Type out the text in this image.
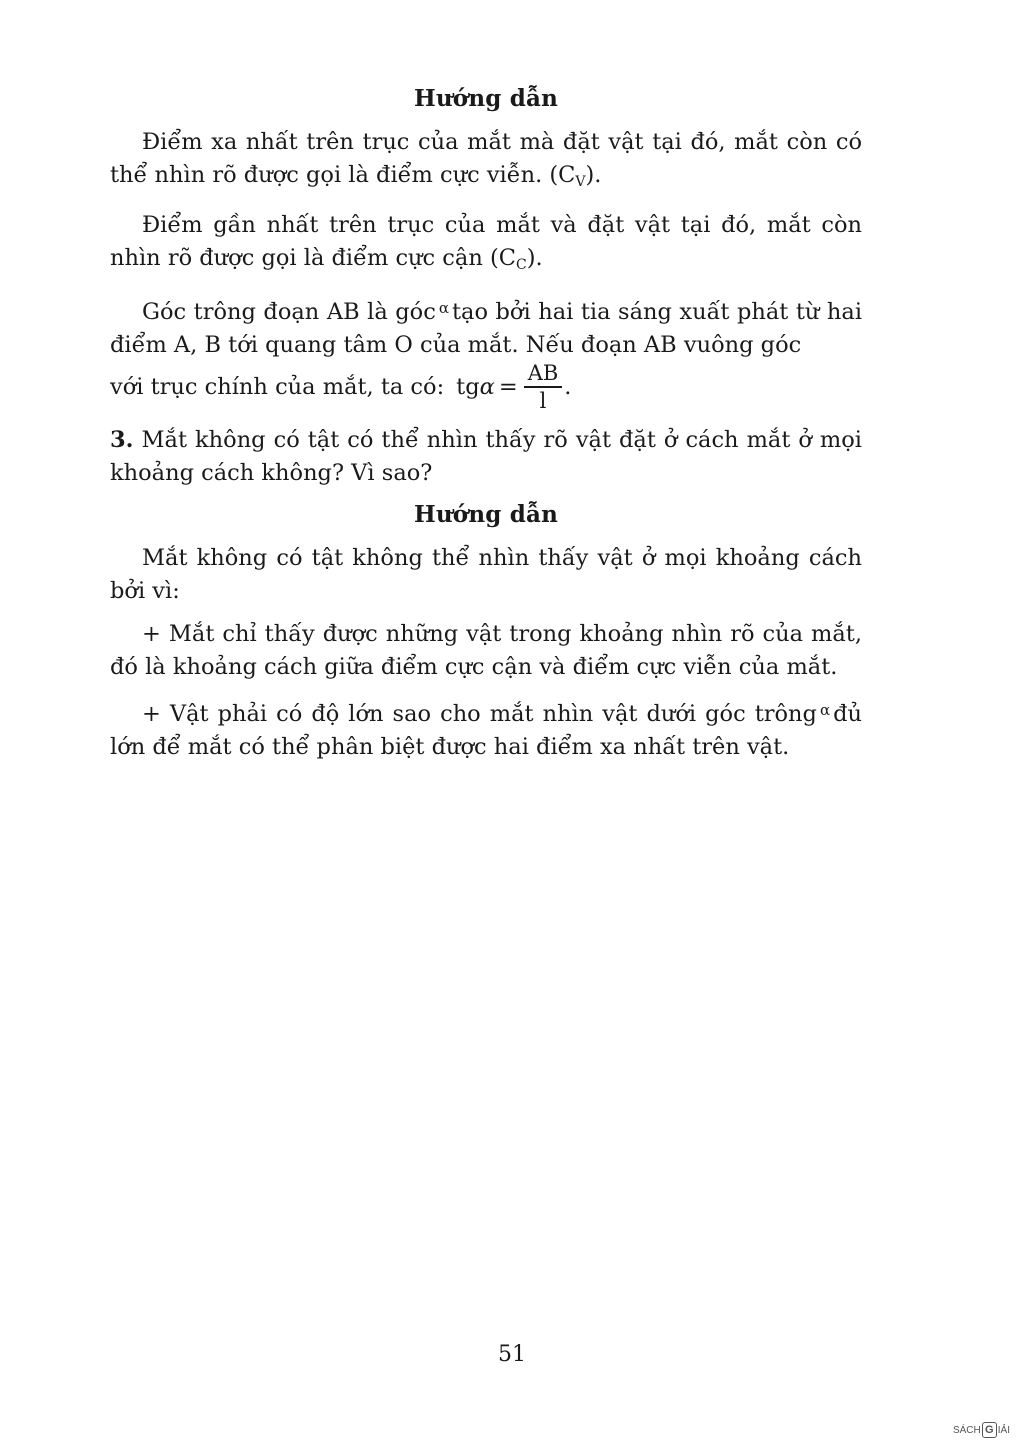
Hướng dẫn

Điểm xa nhất trên trục của mắt mà đặt vật tại đó, mắt còn có thể nhìn rõ được gọi là điểm cực viễn. $(C_V)$.

Điểm gần nhất trên trục của mắt và đặt vật tại đó, mắt còn nhìn rõ được gọi là điểm cực cận $(C_C)$.

Góc trông đoạn AB là góc $^\alpha$ tạo bởi hai tia sáng xuất phát từ hai điểm A, B tới quang tâm O của mắt. Nếu đoạn AB vuông góc

với trục chính của mắt, ta có: tg $\alpha = \frac{AB}{l}$ .

3. Mắt không có tật có thể nhìn thấy rõ vật đặt ở cách mắt ở mọi khoảng cách không? Vì sao?

Hướng dẫn

Mắt không có tật không thể nhìn thấy vật ở mọi khoảng cách bởi vì:

+ Mắt chỉ thấy được những vật trong khoảng nhìn rõ của mắt, đó là khoảng cách giữa điểm cực cận và điểm cực viễn của mắt.

+ Vật phải có độ lớn sao cho mắt nhìn vật dưới góc trông $^\alpha$ đủ lớn để mắt có thể phân biệt được hai điểm xa nhất trên vật.

51
SÁCH G IẢI
